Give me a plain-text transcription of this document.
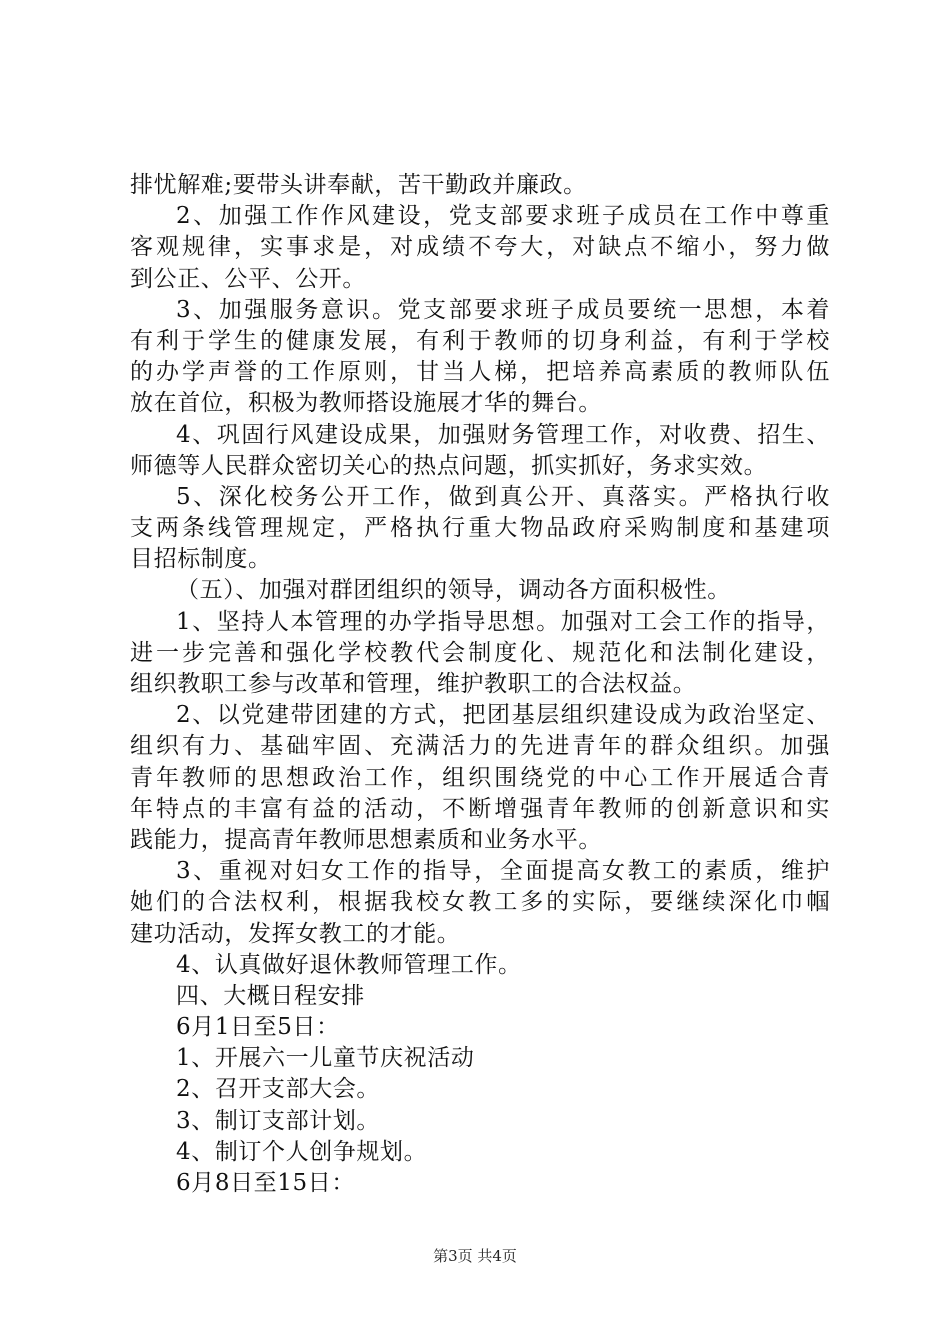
排忧解难;要带头讲奉献，苦干勤政并廉政。
2、加强工作作风建设，党支部要求班子成员在工作中尊重
客观规律，实事求是，对成绩不夸大，对缺点不缩小，努力做
到公正、公平、公开。
3、加强服务意识。党支部要求班子成员要统一思想，本着
有利于学生的健康发展，有利于教师的切身利益，有利于学校
的办学声誉的工作原则，甘当人梯，把培养高素质的教师队伍
放在首位，积极为教师搭设施展才华的舞台。
4、巩固行风建设成果，加强财务管理工作，对收费、招生、
师德等人民群众密切关心的热点问题，抓实抓好，务求实效。
5、深化校务公开工作，做到真公开、真落实。严格执行收
支两条线管理规定，严格执行重大物品政府采购制度和基建项
目招标制度。
（五）、加强对群团组织的领导，调动各方面积极性。
1、坚持人本管理的办学指导思想。加强对工会工作的指导，
进一步完善和强化学校教代会制度化、规范化和法制化建设，
组织教职工参与改革和管理，维护教职工的合法权益。
2、以党建带团建的方式，把团基层组织建设成为政治坚定、
组织有力、基础牢固、充满活力的先进青年的群众组织。加强
青年教师的思想政治工作，组织围绕党的中心工作开展适合青
年特点的丰富有益的活动，不断增强青年教师的创新意识和实
践能力，提高青年教师思想素质和业务水平。
3、重视对妇女工作的指导，全面提高女教工的素质，维护
她们的合法权利，根据我校女教工多的实际，要继续深化巾帼
建功活动，发挥女教工的才能。
4、认真做好退休教师管理工作。
四、大概日程安排
6月1日至5日：
1、开展六一儿童节庆祝活动
2、召开支部大会。
3、制订支部计划。
4、制订个人创争规划。
6月8日至15日：
第3页 共4页
